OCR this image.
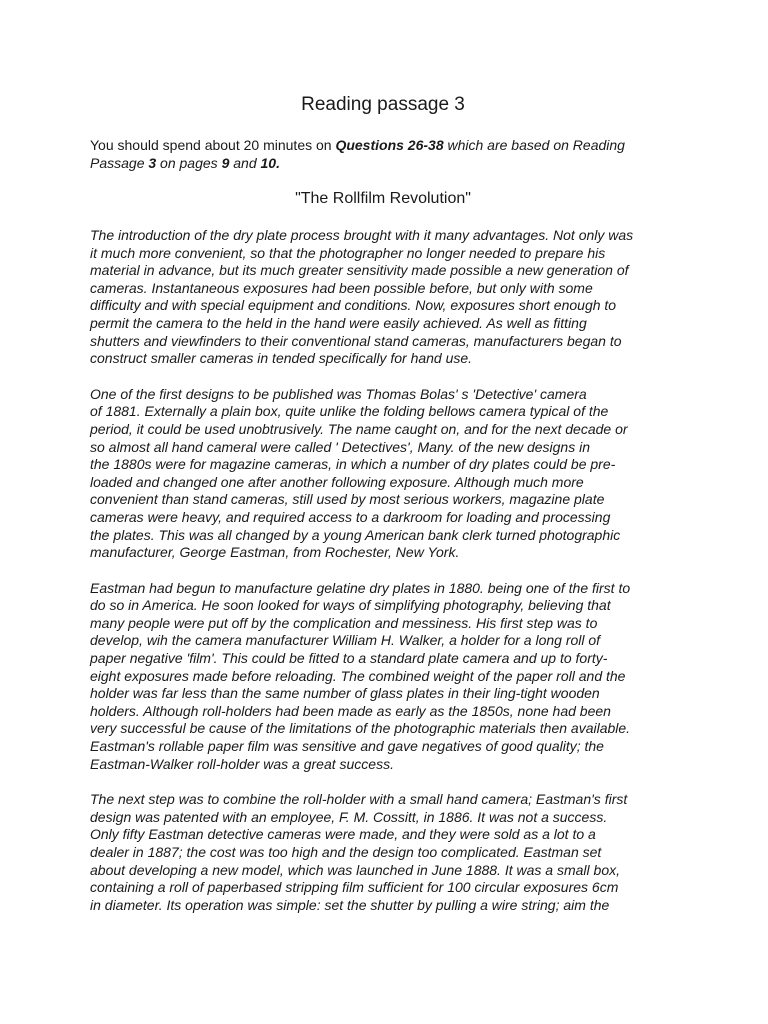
Reading passage 3

You should spend about 20 minutes on Questions 26-38 which are based on Reading
Passage 3 on pages 9 and 10.

"The Rollfilm Revolution"

The introduction of the dry plate process brought with it many advantages. Not only was
it much more convenient, so that the photographer no longer needed to prepare his
material in advance, but its much greater sensitivity made possible a new generation of
cameras. Instantaneous exposures had been possible before, but only with some
difficulty and with special equipment and conditions. Now, exposures short enough to
permit the camera to the held in the hand were easily achieved. As well as fitting
shutters and viewfinders to their conventional stand cameras, manufacturers began to
construct smaller cameras in tended specifically for hand use.

One of the first designs to be published was Thomas Bolas' s 'Detective' camera
of 1881. Externally a plain box, quite unlike the folding bellows camera typical of the
period, it could be used unobtrusively. The name caught on, and for the next decade or
so almost all hand cameral were called ' Detectives', Many. of the new designs in
the 1880s were for magazine cameras, in which a number of dry plates could be pre-
loaded and changed one after another following exposure. Although much more
convenient than stand cameras, still used by most serious workers, magazine plate
cameras were heavy, and required access to a darkroom for loading and processing
the plates. This was all changed by a young American bank clerk turned photographic
manufacturer, George Eastman, from Rochester, New York.

Eastman had begun to manufacture gelatine dry plates in 1880. being one of the first to
do so in America. He soon looked for ways of simplifying photography, believing that
many people were put off by the complication and messiness. His first step was to
develop, wih the camera manufacturer William H. Walker, a holder for a long roll of
paper negative 'film'. This could be fitted to a standard plate camera and up to forty-
eight exposures made before reloading. The combined weight of the paper roll and the
holder was far less than the same number of glass plates in their ling-tight wooden
holders. Although roll-holders had been made as early as the 1850s, none had been
very successful be cause of the limitations of the photographic materials then available.
Eastman's rollable paper film was sensitive and gave negatives of good quality; the
Eastman-Walker roll-holder was a great success.

The next step was to combine the roll-holder with a small hand camera; Eastman's first
design was patented with an employee, F. M. Cossitt, in 1886. It was not a success.
Only fifty Eastman detective cameras were made, and they were sold as a lot to a
dealer in 1887; the cost was too high and the design too complicated. Eastman set
about developing a new model, which was launched in June 1888. It was a small box,
containing a roll of paperbased stripping film sufficient for 100 circular exposures 6cm
in diameter. Its operation was simple: set the shutter by pulling a wire string; aim the
